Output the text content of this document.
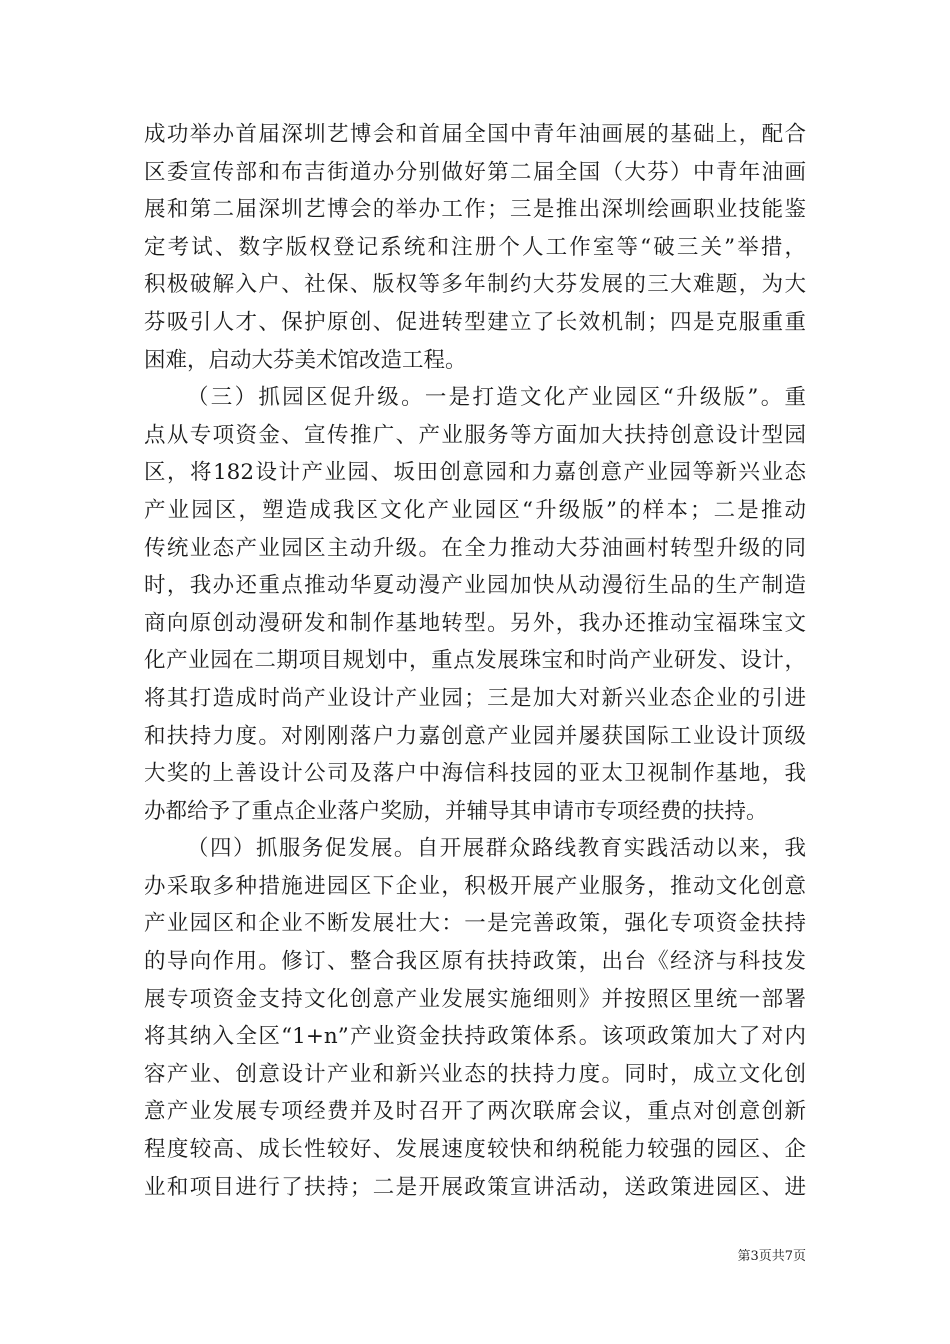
成功举办首届深圳艺博会和首届全国中青年油画展的基础上，配合
区委宣传部和布吉街道办分别做好第二届全国（大芬）中青年油画
展和第二届深圳艺博会的举办工作；三是推出深圳绘画职业技能鉴
定考试、数字版权登记系统和注册个人工作室等“破三关”举措，
积极破解入户、社保、版权等多年制约大芬发展的三大难题，为大
芬吸引人才、保护原创、促进转型建立了长效机制；四是克服重重
困难，启动大芬美术馆改造工程。
（三）抓园区促升级。一是打造文化产业园区“升级版”。重
点从专项资金、宣传推广、产业服务等方面加大扶持创意设计型园
区，将182设计产业园、坂田创意园和力嘉创意产业园等新兴业态
产业园区，塑造成我区文化产业园区“升级版”的样本；二是推动
传统业态产业园区主动升级。在全力推动大芬油画村转型升级的同
时，我办还重点推动华夏动漫产业园加快从动漫衍生品的生产制造
商向原创动漫研发和制作基地转型。另外，我办还推动宝福珠宝文
化产业园在二期项目规划中，重点发展珠宝和时尚产业研发、设计，
将其打造成时尚产业设计产业园；三是加大对新兴业态企业的引进
和扶持力度。对刚刚落户力嘉创意产业园并屡获国际工业设计顶级
大奖的上善设计公司及落户中海信科技园的亚太卫视制作基地，我
办都给予了重点企业落户奖励，并辅导其申请市专项经费的扶持。
（四）抓服务促发展。自开展群众路线教育实践活动以来，我
办采取多种措施进园区下企业，积极开展产业服务，推动文化创意
产业园区和企业不断发展壮大：一是完善政策，强化专项资金扶持
的导向作用。修订、整合我区原有扶持政策，出台《经济与科技发
展专项资金支持文化创意产业发展实施细则》并按照区里统一部署
将其纳入全区“1+n”产业资金扶持政策体系。该项政策加大了对内
容产业、创意设计产业和新兴业态的扶持力度。同时，成立文化创
意产业发展专项经费并及时召开了两次联席会议，重点对创意创新
程度较高、成长性较好、发展速度较快和纳税能力较强的园区、企
业和项目进行了扶持；二是开展政策宣讲活动，送政策进园区、进
第3页共7页
